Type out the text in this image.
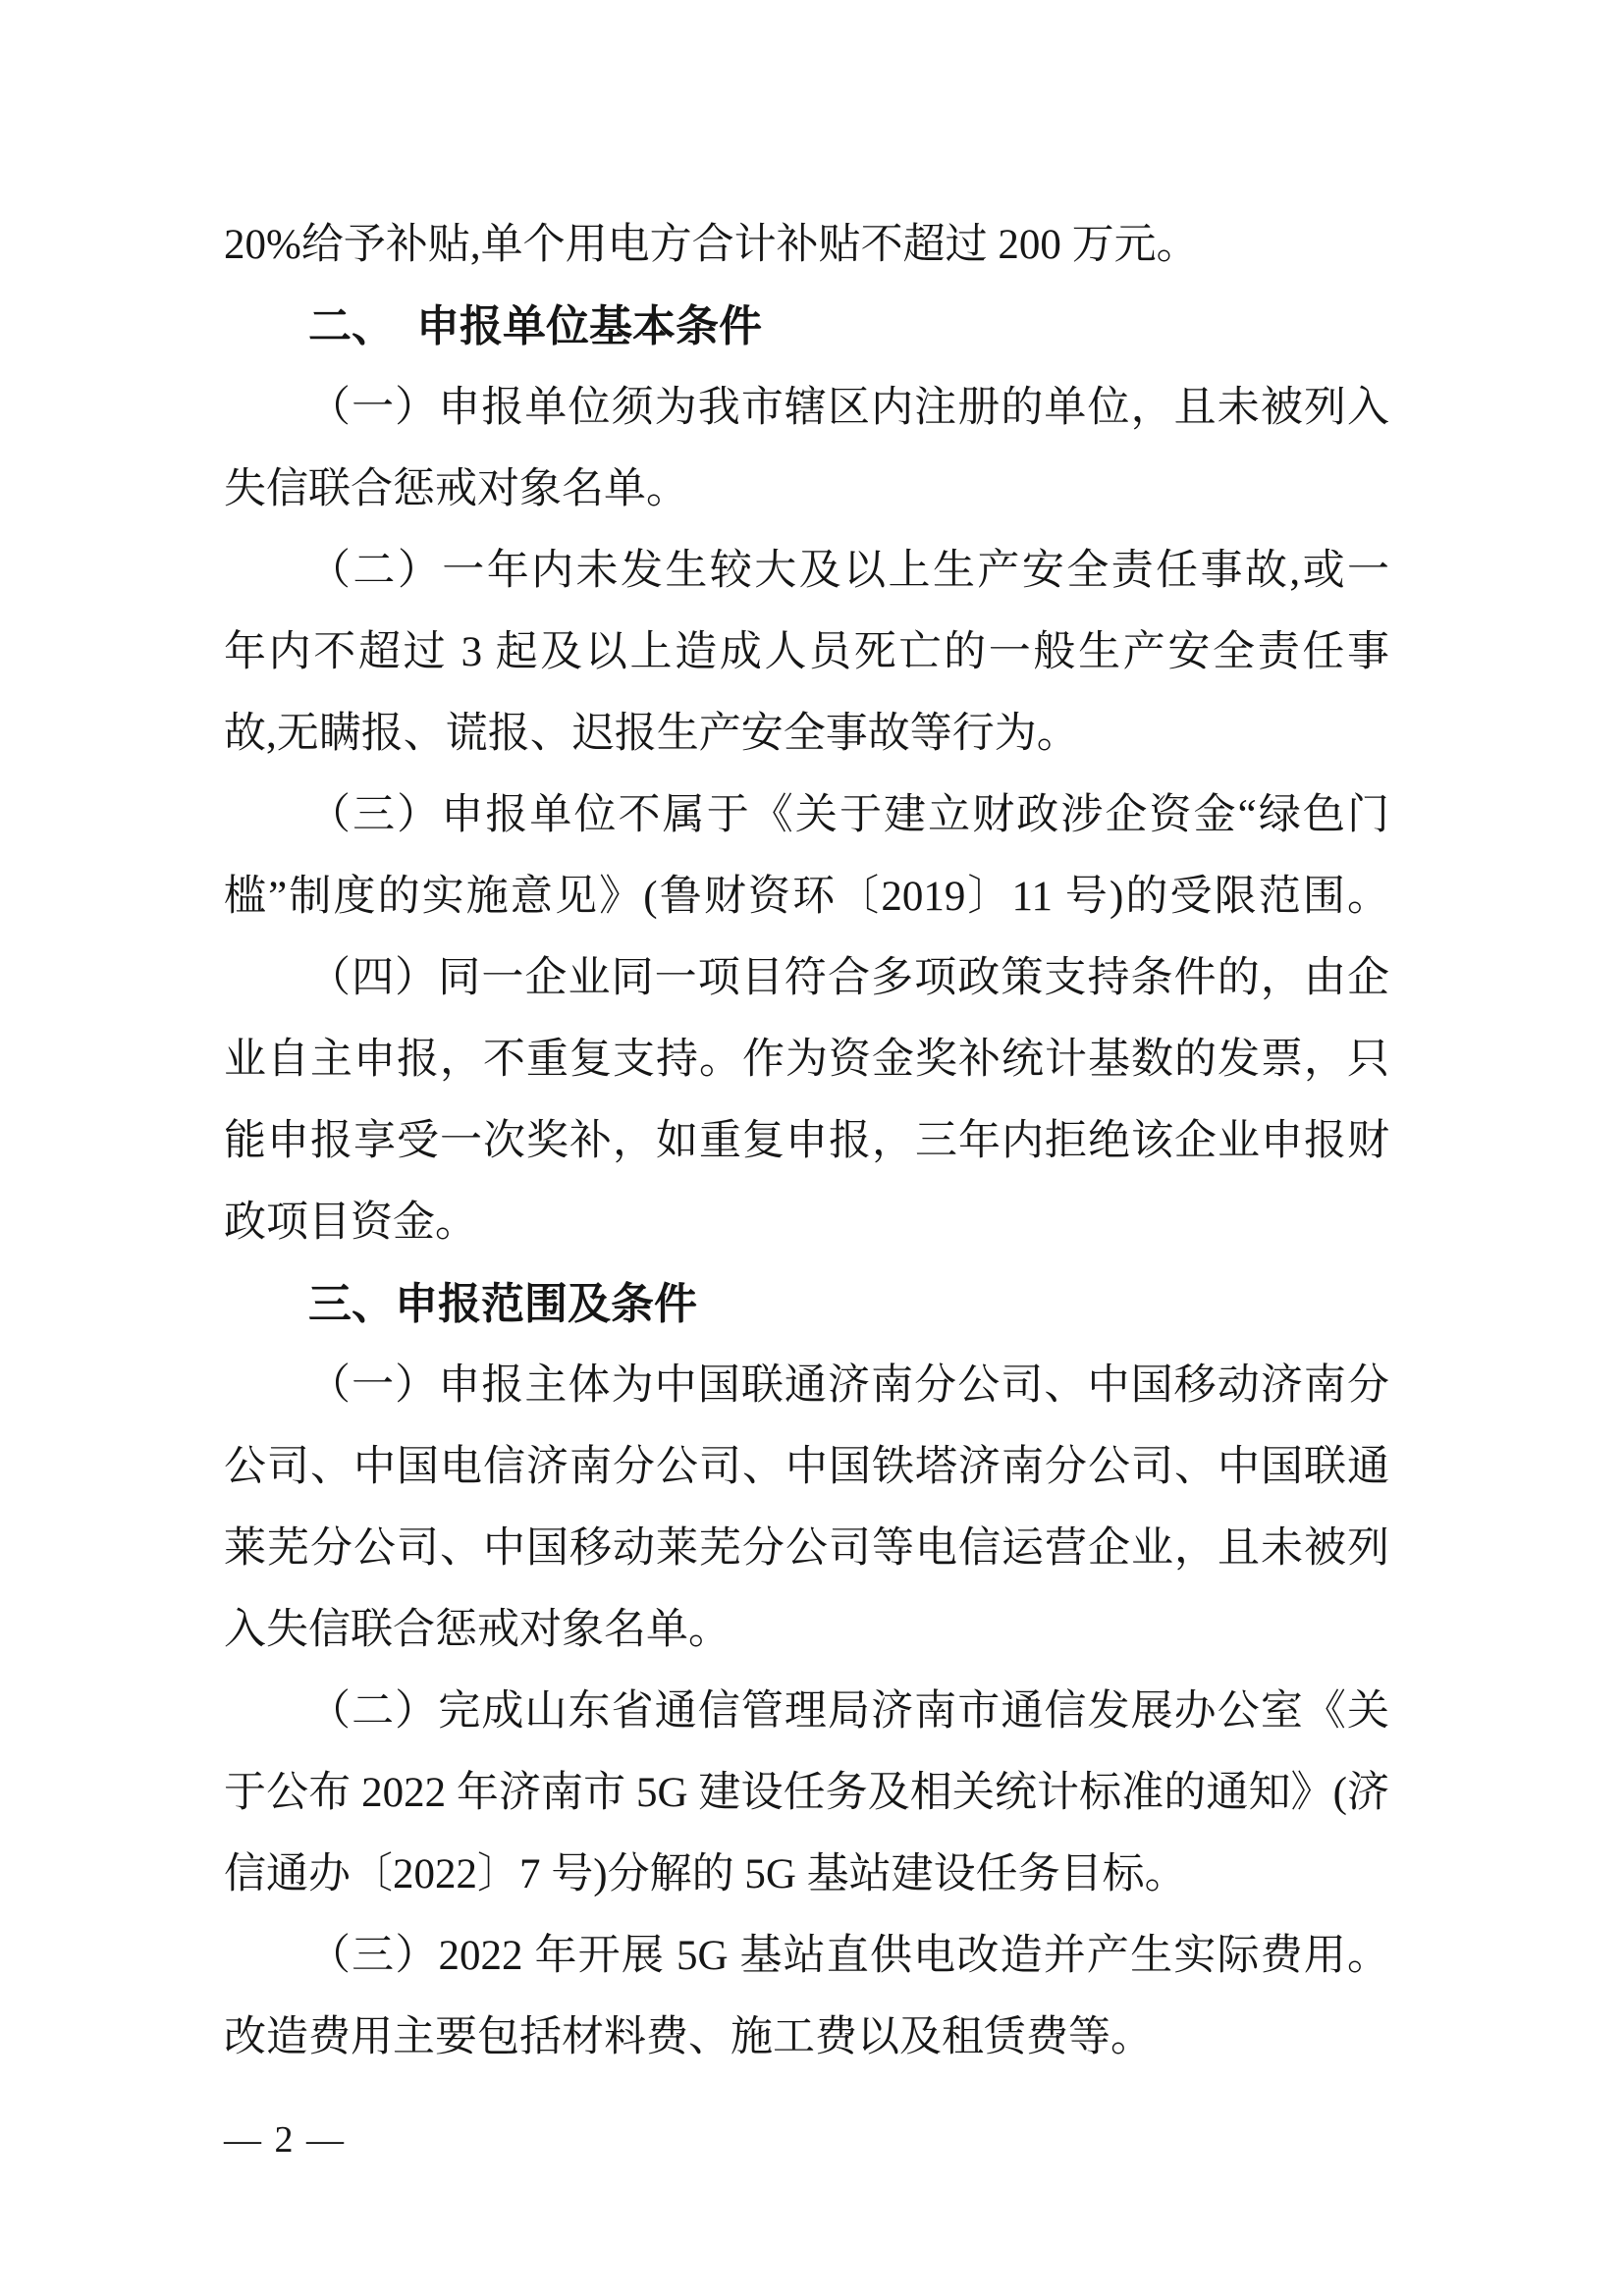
20%给予补贴,单个用电方合计补贴不超过 200 万元。
二、　申报单位基本条件
（一）申报单位须为我市辖区内注册的单位，且未被列入
失信联合惩戒对象名单。
（二）一年内未发生较大及以上生产安全责任事故,或一
年内不超过 3 起及以上造成人员死亡的一般生产安全责任事
故,无瞒报、谎报、迟报生产安全事故等行为。
（三）申报单位不属于《关于建立财政涉企资金“绿色门
槛”制度的实施意见》(鲁财资环〔2019〕11 号)的受限范围。
（四）同一企业同一项目符合多项政策支持条件的，由企
业自主申报，不重复支持。作为资金奖补统计基数的发票，只
能申报享受一次奖补，如重复申报，三年内拒绝该企业申报财
政项目资金。
三、申报范围及条件
（一）申报主体为中国联通济南分公司、中国移动济南分
公司、中国电信济南分公司、中国铁塔济南分公司、中国联通
莱芜分公司、中国移动莱芜分公司等电信运营企业，且未被列
入失信联合惩戒对象名单。
（二）完成山东省通信管理局济南市通信发展办公室《关
于公布 2022 年济南市 5G 建设任务及相关统计标准的通知》(济
信通办〔2022〕7 号)分解的 5G 基站建设任务目标。
（三）2022 年开展 5G 基站直供电改造并产生实际费用。
改造费用主要包括材料费、施工费以及租赁费等。
— 2 —
